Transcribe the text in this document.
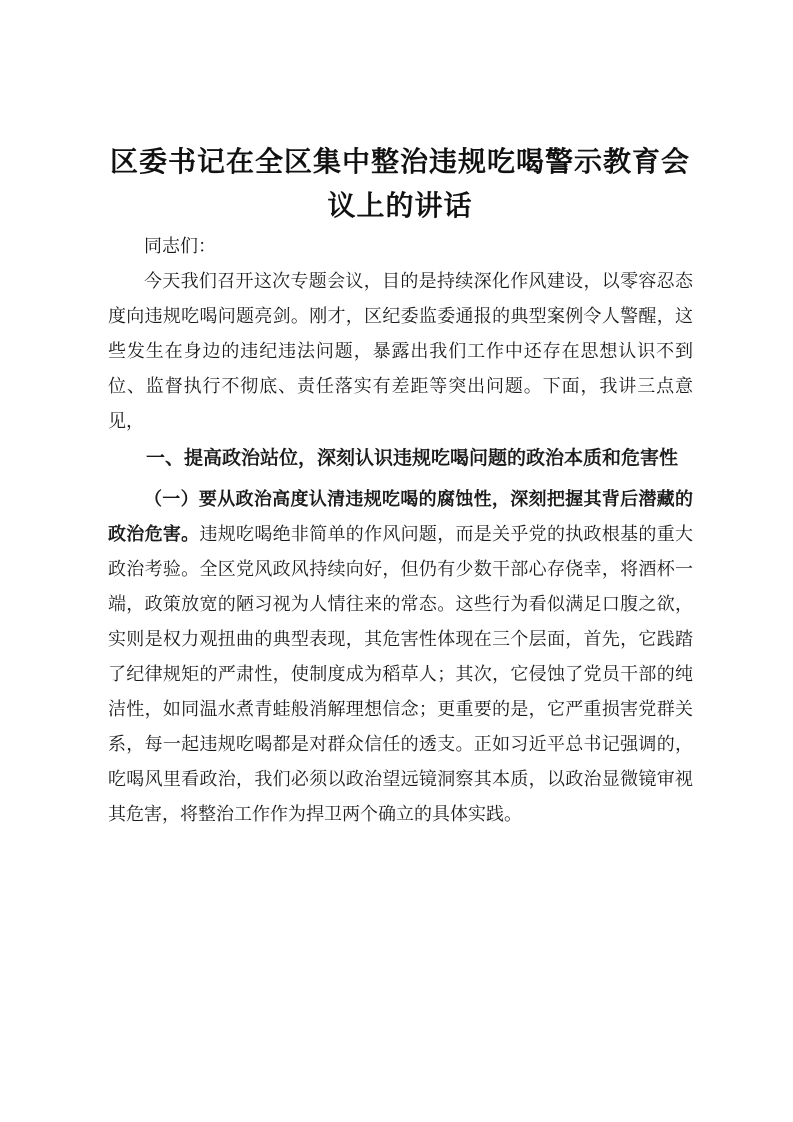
区委书记在全区集中整治违规吃喝警示教育会议上的讲话

同志们：

今天我们召开这次专题会议，目的是持续深化作风建设，以零容忍态度向违规吃喝问题亮剑。刚才，区纪委监委通报的典型案例令人警醒，这些发生在身边的违纪违法问题，暴露出我们工作中还存在思想认识不到位、监督执行不彻底、责任落实有差距等突出问题。下面，我讲三点意见，

一、提高政治站位，深刻认识违规吃喝问题的政治本质和危害性

（一）要从政治高度认清违规吃喝的腐蚀性，深刻把握其背后潜藏的政治危害。违规吃喝绝非简单的作风问题，而是关乎党的执政根基的重大政治考验。全区党风政风持续向好，但仍有少数干部心存侥幸，将酒杯一端，政策放宽的陋习视为人情往来的常态。这些行为看似满足口腹之欲，实则是权力观扭曲的典型表现，其危害性体现在三个层面，首先，它践踏了纪律规矩的严肃性，使制度成为稻草人；其次，它侵蚀了党员干部的纯洁性，如同温水煮青蛙般消解理想信念；更重要的是，它严重损害党群关系，每一起违规吃喝都是对群众信任的透支。正如习近平总书记强调的，吃喝风里看政治，我们必须以政治望远镜洞察其本质，以政治显微镜审视其危害，将整治工作作为捍卫两个确立的具体实践。
